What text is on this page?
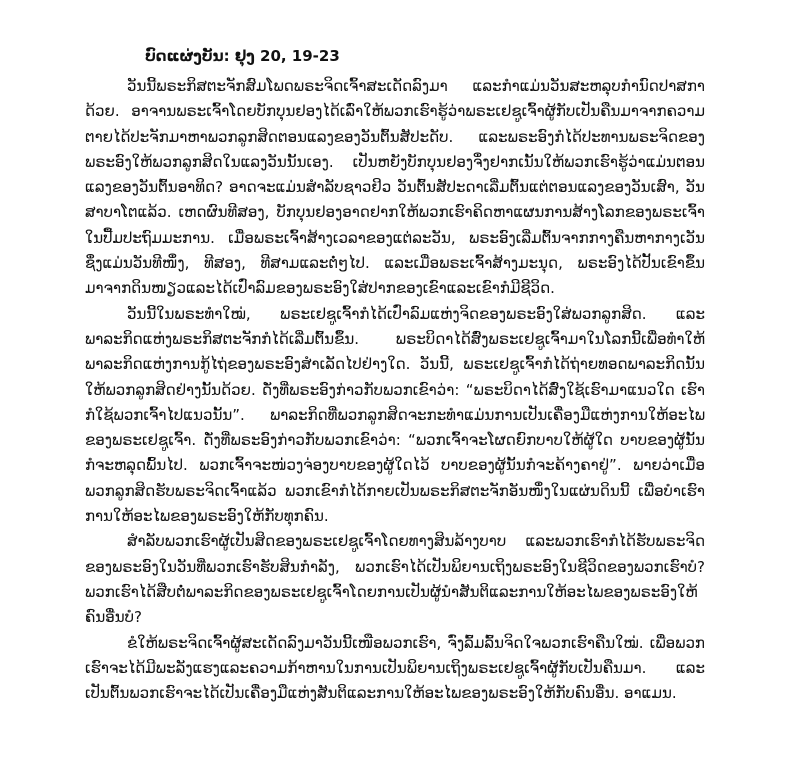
ບົດແຜ່ງບັນ: ຢຸງ 20, 19-23

ວັນນີ້ພຣະກິສຕະຈັກສົມໂພດພຣະຈິດເຈົ້າສະເດັດລົງມາ ແລະກໍາແມ່ນວັນສະຫລຸບກໍານົດປາສກາດ້ວຍ. ອາຈານພຣະເຈົ້າໂດຍບັກບຸນຢອງໄດ້ເລົ່າໃຫ້ພວກເຮົາຮູ້ວ່າພຣະເຢຊູເຈົ້າຜູ້ກັບເປັນຄືນມາຈາກຄວາມຕາຍໄດ້ປະຈັກມາຫາພວກລູກສິດຕອນແລງຂອງວັນຕົ້ນສັປະດັບ. ແລະພຣະອົງກໍໄດ້ປະທານພຣະຈິດຂອງພຣະອົງໃຫ້ພວກລູກສິດໃນແລງວັນນັ້ນເອງ. ເປັນຫຍັງບັກບຸນຢອງຈຶ່ງຢາກເນັ້ນໃຫ້ພວກເຮົາຮູ້ວ່າແມ່ນຕອນແລງຂອງວັນຕົ້ນອາທິດ? ອາດຈະແມ່ນສໍາລັບຊາວຢິວ ວັນຕົ້ນສັປະດາເລີ່ມຕົ້ນແຕ່ຕອນແລງຂອງວັນເສົາ, ວັນສາບາໂຕແລ້ວ. ເຫດຜົນທີສອງ, ບັກບຸນຢອງອາດຢາກໃຫ້ພວກເຮົາຄິດຫາແຜນການສ້າງໂລກຂອງພຣະເຈົ້າໃນປື້ມປະຖົມມະການ. ເມື່ອພຣະເຈົ້າສ້າງເວລາຂອງແຕ່ລະວັນ, ພຣະອົງເລີ່ມຕົ້ນຈາກກາງຄືນຫາກາງເວັນຊຶ່ງແມ່ນວັນທີໜຶ່ງ, ທີສອງ, ທີສາມແລະຕໍ່ໆໄປ. ແລະເມື່ອພຣະເຈົ້າສ້າງມະນຸດ, ພຣະອົງໄດ້ປັ້ນເຂົາຂຶ້ນມາຈາກດິນໜຽວແລະໄດ້ເປົ່າລົມຂອງພຣະອົງໃສ່ປາກຂອງເຂົາແລະເຂົາກໍມີຊີວິດ.

ວັນນີ້ໃນພຣະທໍາໃໝ່, ພຣະເຢຊູເຈົ້າກໍໄດ້ເປົ່າລົມແຫ່ງຈິດຂອງພຣະອົງໃສ່ພວກລູກສິດ. ແລະພາລະກິດແຫ່ງພຣະກິສຕະຈັກກໍໄດ້ເລີ່ມຕົ້ນຂຶ້ນ. ພຣະບິດາໄດ້ສົ່ງພຣະເຢຊູເຈົ້າມາໃນໂລກນີ້ເພື່ອທໍາໃຫ້ພາລະກິດແຫ່ງການກູ້ໄຖ່ຂອງພຣະອົງສໍາເລັດໄປຢ່າງໃດ. ວັນນີ້, ພຣະເຢຊູເຈົ້າກໍໄດ້ຖ່າຍທອດພາລະກິດນັ້ນໃຫ້ພວກລູກສິດຢ່າງນັ້ນດ້ວຍ. ດັ່ງທີ່ພຣະອົງກ່າວກັບພວກເຂົາວ່າ: “ພຣະບິດາໄດ້ສົ່ງໃຊ້ເຮົາມາແນວໃດ ເຮົາກໍໃຊ້ພວກເຈົ້າໄປແນວນັ້ນ”. ພາລະກິດທີ່ພວກລູກສິດຈະກະທໍາແມ່ນການເປັນເຄື່ອງມືແຫ່ງການໃຫ້ອະໄພຂອງພຣະເຢຊູເຈົ້າ. ດັ່ງທີ່ພຣະອົງກ່າວກັບພວກເຂົາວ່າ: “ພວກເຈົ້າຈະໂຜດຍົກບາບໃຫ້ຜູ້ໃດ ບາບຂອງຜູ້ນັ້ນກໍຈະຫລຸດພົ້ນໄປ. ພວກເຈົ້າຈະໜ່ວງຈ່ອງບາບຂອງຜູ້ໃດໄວ້ ບາບຂອງຜູ້ນັ້ນກໍຈະຄ້າງຄາຢູ່”. ພາຍວ່າເມື່ອພວກລູກສິດຮັບພຣະຈິດເຈົ້າແລ້ວ ພວກເຂົາກໍໄດ້ກາຍເປັນພຣະກິສຕະຈັກອັນໜຶ່ງໃນແຜ່ນດິນນີ້ ເພື່ອບໍາເຮົາການໃຫ້ອະໄພຂອງພຣະອົງໃຫ້ກັບທຸກຄົນ.

ສໍາລັບພວກເຮົາຜູ້ເປັນສິດຂອງພຣະເຢຊູເຈົ້າໂດຍທາງສິນລ້າງບາບ ແລະພວກເຮົາກໍໄດ້ຮັບພຣະຈິດຂອງພຣະອົງໃນວັນທີ່ພວກເຮົາຮັບສິນກໍາລັງ, ພວກເຮົາໄດ້ເປັນພິຍານເຖິງພຣະອົງໃນຊີວິດຂອງພວກເຮົາບໍ? ພວກເຮົາໄດ້ສືບຕໍ່ພາລະກິດຂອງພຣະເຢຊູເຈົ້າໂດຍການເປັນຜູ້ນໍາສັນຕິແລະການໃຫ້ອະໄພຂອງພຣະອົງໃຫ້ຄົນອື່ນບໍ?

ຂໍໃຫ້ພຣະຈິດເຈົ້າຜູ້ສະເດັດລົງມາວັນນີ້ເໜືອພວກເຮົາ, ຈົ່ງລົ້ມລົ້ນຈິດໃຈພວກເຮົາຄືນໃໝ່. ເພື່ອພວກເຮົາຈະໄດ້ມີພະລັງແຮງແລະຄວາມກ້າຫານໃນການເປັນພິຍານເຖິງພຣະເຢຊູເຈົ້າຜູ້ກັບເປັນຄືນມາ. ແລະເປັນຕົ້ນພວກເຮົາຈະໄດ້ເປັນເຄື່ອງມືແຫ່ງສັນຕິແລະການໃຫ້ອະໄພຂອງພຣະອົງໃຫ້ກັບຄົນອື່ນ. ອາແມນ.
